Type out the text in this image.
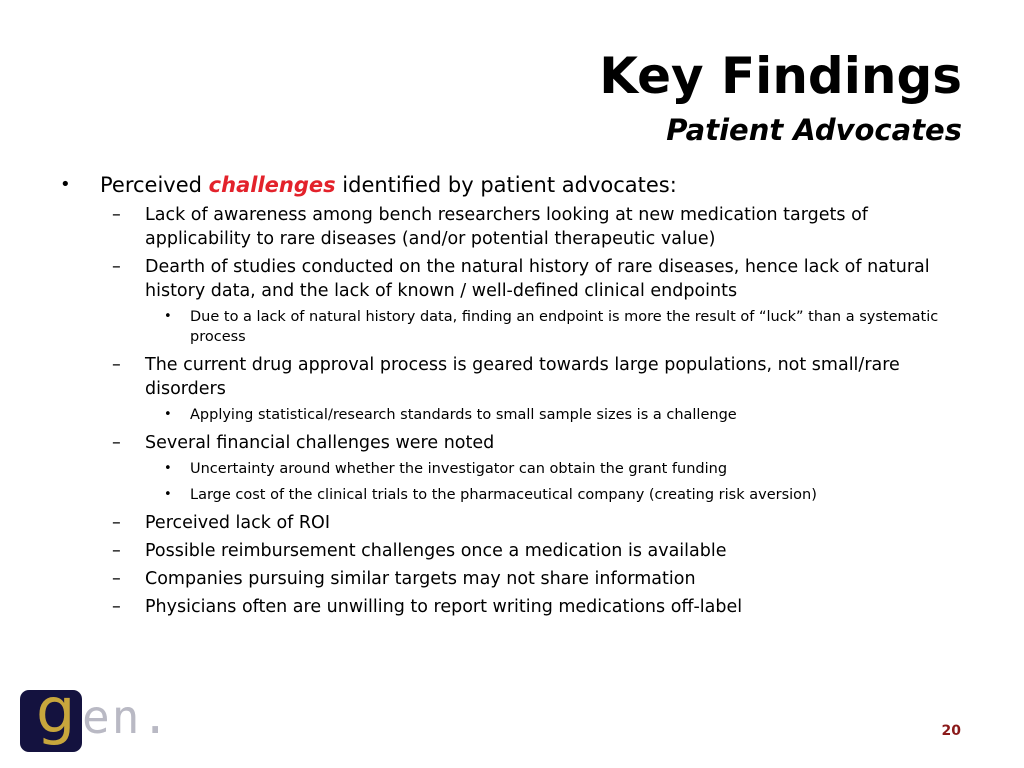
Key Findings
Patient Advocates

• Perceived challenges identified by patient advocates:

– Lack of awareness among bench researchers looking at new medication targets of applicability to rare diseases (and/or potential therapeutic value)

– Dearth of studies conducted on the natural history of rare diseases, hence lack of natural history data, and the lack of known / well-defined clinical endpoints

• Due to a lack of natural history data, finding an endpoint is more the result of “luck” than a systematic process

– The current drug approval process is geared towards large populations, not small/rare disorders

• Applying statistical/research standards to small sample sizes is a challenge

– Several financial challenges were noted

• Uncertainty around whether the investigator can obtain the grant funding

• Large cost of the clinical trials to the pharmaceutical company (creating risk aversion)

– Perceived lack of ROI

– Possible reimbursement challenges once a medication is available

– Companies pursuing similar targets may not share information

– Physicians often are unwilling to report writing medications off-label

g en.	20
